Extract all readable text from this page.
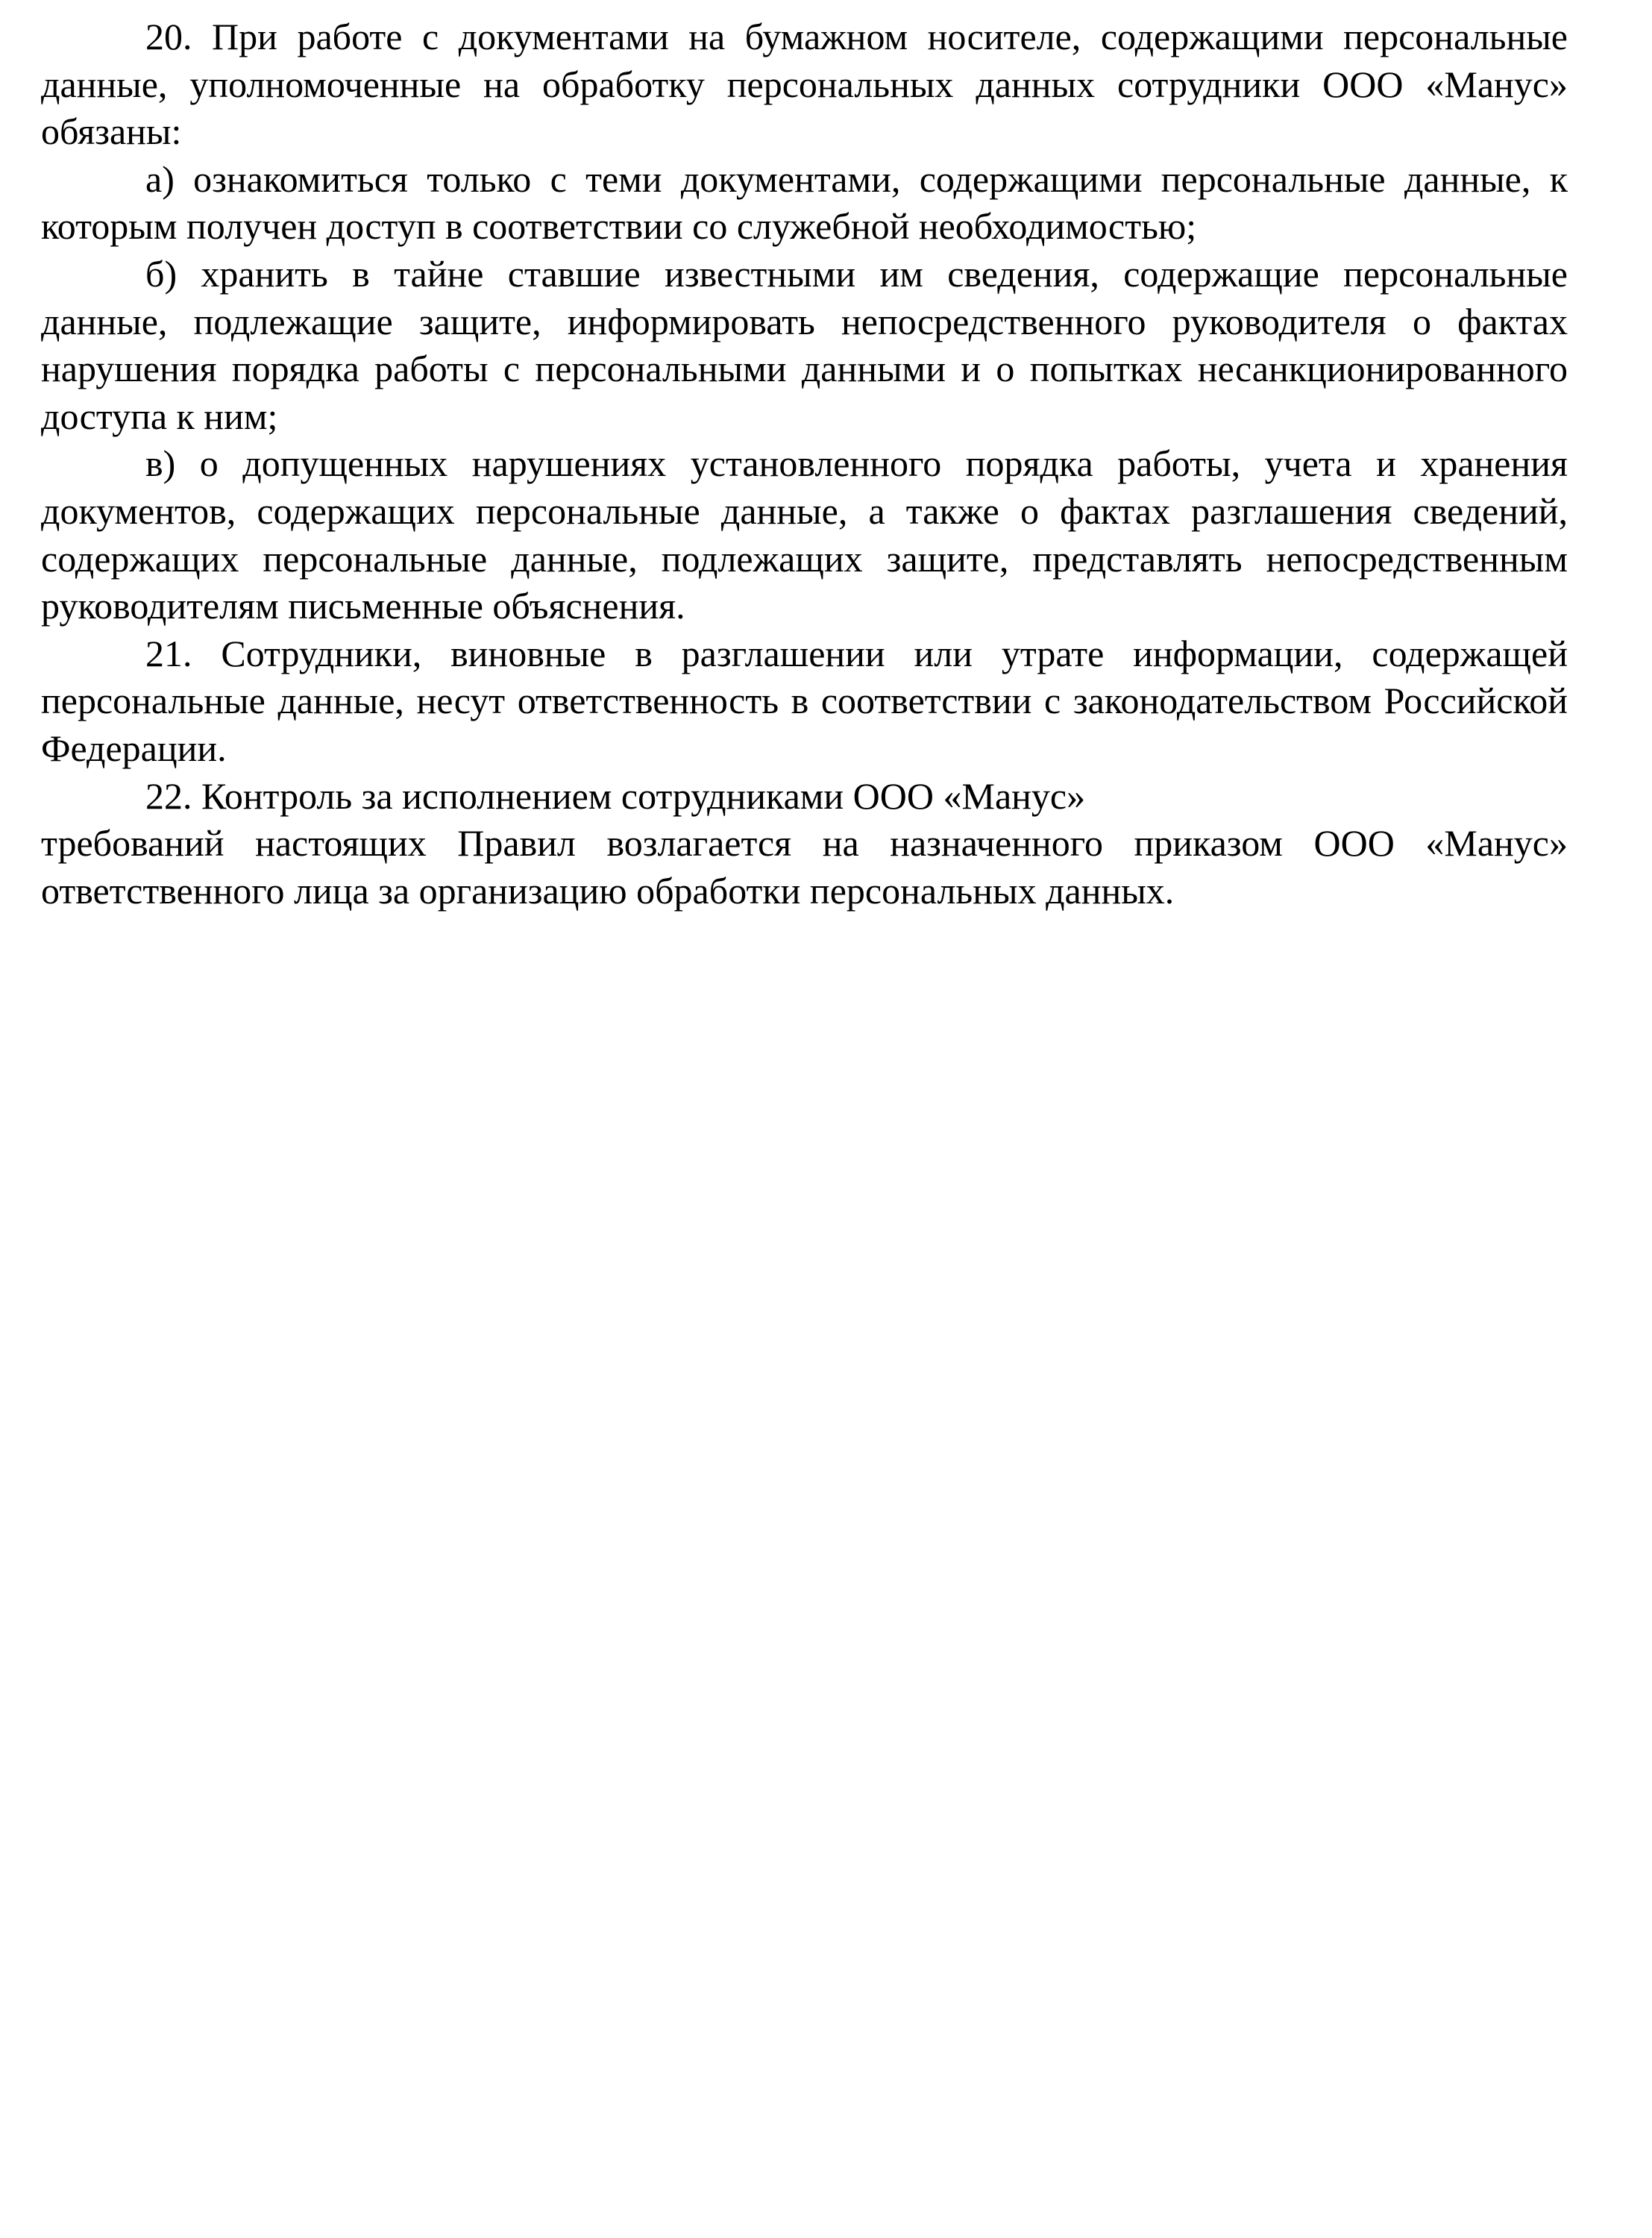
20. При работе с документами на бумажном носителе, содержащими персональные данные, уполномоченные на обработку персональных данных сотрудники ООО «Манус» обязаны:

а) ознакомиться только с теми документами, содержащими персональные данные, к которым получен доступ в соответствии со служебной необходимостью;

б) хранить в тайне ставшие известными им сведения, содержащие персональные данные, подлежащие защите, информировать непосредственного руководителя о фактах нарушения порядка работы с персональными данными и о попытках несанкционированного доступа к ним;

в) о допущенных нарушениях установленного порядка работы, учета и хранения документов, содержащих персональные данные, а также о фактах разглашения сведений, содержащих персональные данные, подлежащих защите, представлять непосредственным руководителям письменные объяснения.

21. Сотрудники, виновные в разглашении или утрате информации, содержащей персональные данные, несут ответственность в соответствии с законодательством Российской Федерации.

22. Контроль за исполнением сотрудниками ООО «Манус»
требований настоящих Правил возлагается на назначенного приказом ООО «Манус» ответственного лица за организацию обработки персональных данных.
